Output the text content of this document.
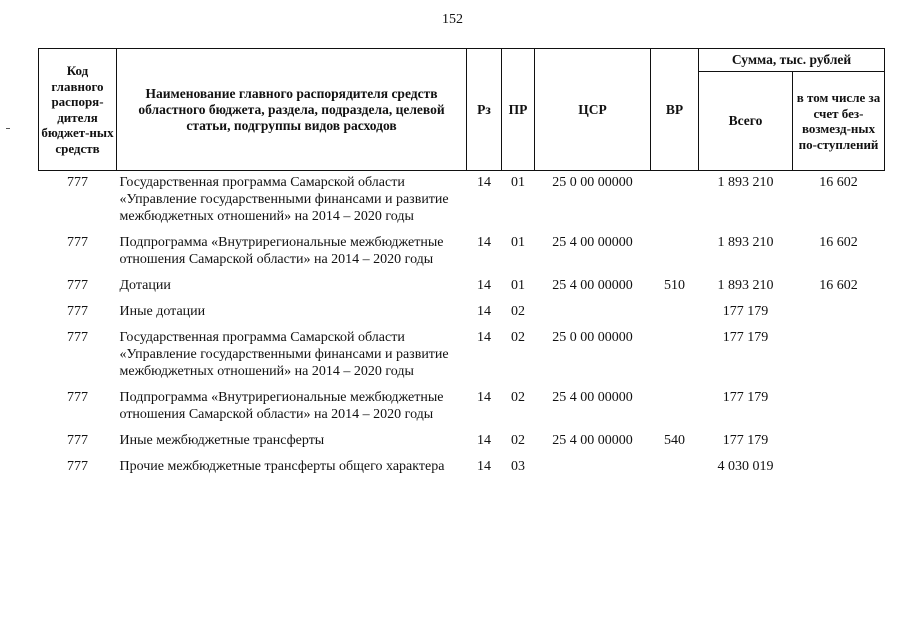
152
Код главного распоря-дителя бюджет-ных средств	Наименование главного распорядителя средств областного бюджета, раздела, подраздела, целевой статьи, подгруппы видов расходов	Рз	ПР	ЦСР	ВР	Сумма, тыс. рублей	
						Всего	в том числе за счет без-возмезд-ных по-ступлений
777	Государственная программа Самарской области «Управление государственными финансами и развитие межбюджетных отношений» на 2014 – 2020 годы	14	01	25 0 00 00000		1 893 210	16 602
777	Подпрограмма «Внутрирегиональные межбюджетные отношения Самарской области» на 2014 – 2020 годы	14	01	25 4 00 00000		1 893 210	16 602
777	Дотации	14	01	25 4 00 00000	510	1 893 210	16 602
777	Иные дотации	14	02			177 179	
777	Государственная программа Самарской области «Управление государственными финансами и развитие межбюджетных отношений» на 2014 – 2020 годы	14	02	25 0 00 00000		177 179	
777	Подпрограмма «Внутрирегиональные межбюджетные отношения Самарской области» на 2014 – 2020 годы	14	02	25 4 00 00000		177 179	
777	Иные межбюджетные трансферты	14	02	25 4 00 00000	540	177 179	
777	Прочие межбюджетные трансферты общего характера	14	03			4 030 019	
